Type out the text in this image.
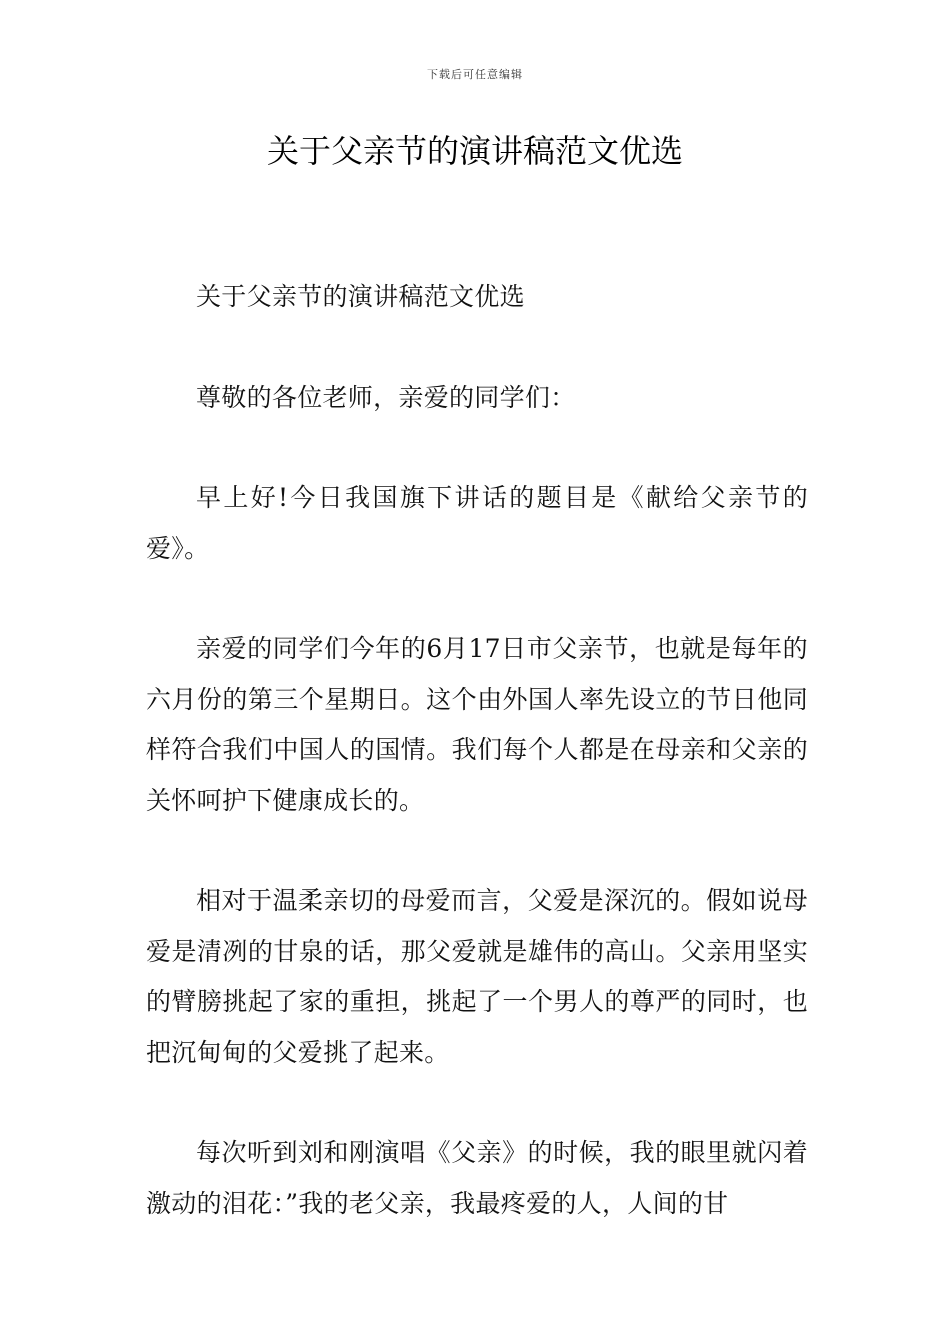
下载后可任意编辑
关于父亲节的演讲稿范文优选

关于父亲节的演讲稿范文优选

尊敬的各位老师，亲爱的同学们：

早上好!今日我国旗下讲话的题目是《献给父亲节的爱》。

亲爱的同学们今年的6月17日市父亲节，也就是每年的六月份的第三个星期日。这个由外国人率先设立的节日他同样符合我们中国人的国情。我们每个人都是在母亲和父亲的关怀呵护下健康成长的。

相对于温柔亲切的母爱而言，父爱是深沉的。假如说母爱是清冽的甘泉的话，那父爱就是雄伟的高山。父亲用坚实的臂膀挑起了家的重担，挑起了一个男人的尊严的同时，也把沉甸甸的父爱挑了起来。

每次听到刘和刚演唱《父亲》的时候，我的眼里就闪着激动的泪花：”我的老父亲，我最疼爱的人，人间的甘
